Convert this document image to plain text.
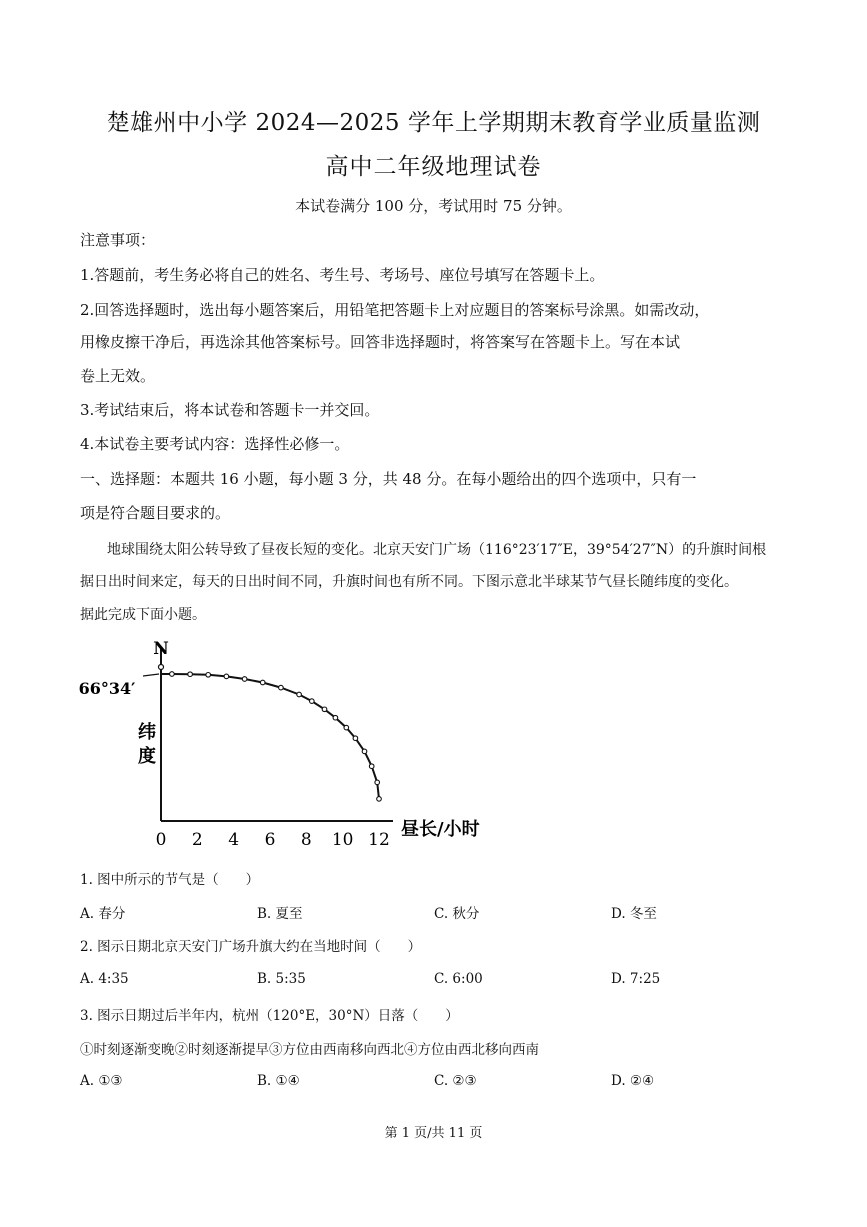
楚雄州中小学 2024—2025 学年上学期期末教育学业质量监测
高中二年级地理试卷
本试卷满分 100 分，考试用时 75 分钟。
注意事项：
1.答题前，考生务必将自己的姓名、考生号、考场号、座位号填写在答题卡上。
2.回答选择题时，选出每小题答案后，用铅笔把答题卡上对应题目的答案标号涂黑。如需改动，
用橡皮擦干净后，再选涂其他答案标号。回答非选择题时，将答案写在答题卡上。写在本试
卷上无效。
3.考试结束后，将本试卷和答题卡一并交回。
4.本试卷主要考试内容：选择性必修一。
一、选择题：本题共 16 小题，每小题 3 分，共 48 分。在每小题给出的四个选项中，只有一
项是符合题目要求的。
地球围绕太阳公转导致了昼夜长短的变化。北京天安门广场（116°23′17″E，39°54′27″N）的升旗时间根
据日出时间来定，每天的日出时间不同，升旗时间也有所不同。下图示意北半球某节气昼长随纬度的变化。
据此完成下面小题。
N
66°34′
纬
度
昼长/小时
0 2 4 6 8 10 12
1. 图中所示的节气是（　　）
A. 春分	B. 夏至	C. 秋分	D. 冬至
2. 图示日期北京天安门广场升旗大约在当地时间（　　）
A. 4:35	B. 5:35	C. 6:00	D. 7:25
3. 图示日期过后半年内，杭州（120°E，30°N）日落（　　）
①时刻逐渐变晚②时刻逐渐提早③方位由西南移向西北④方位由西北移向西南
A. ①③	B. ①④	C. ②③	D. ②④
第 1 页/共 11 页
